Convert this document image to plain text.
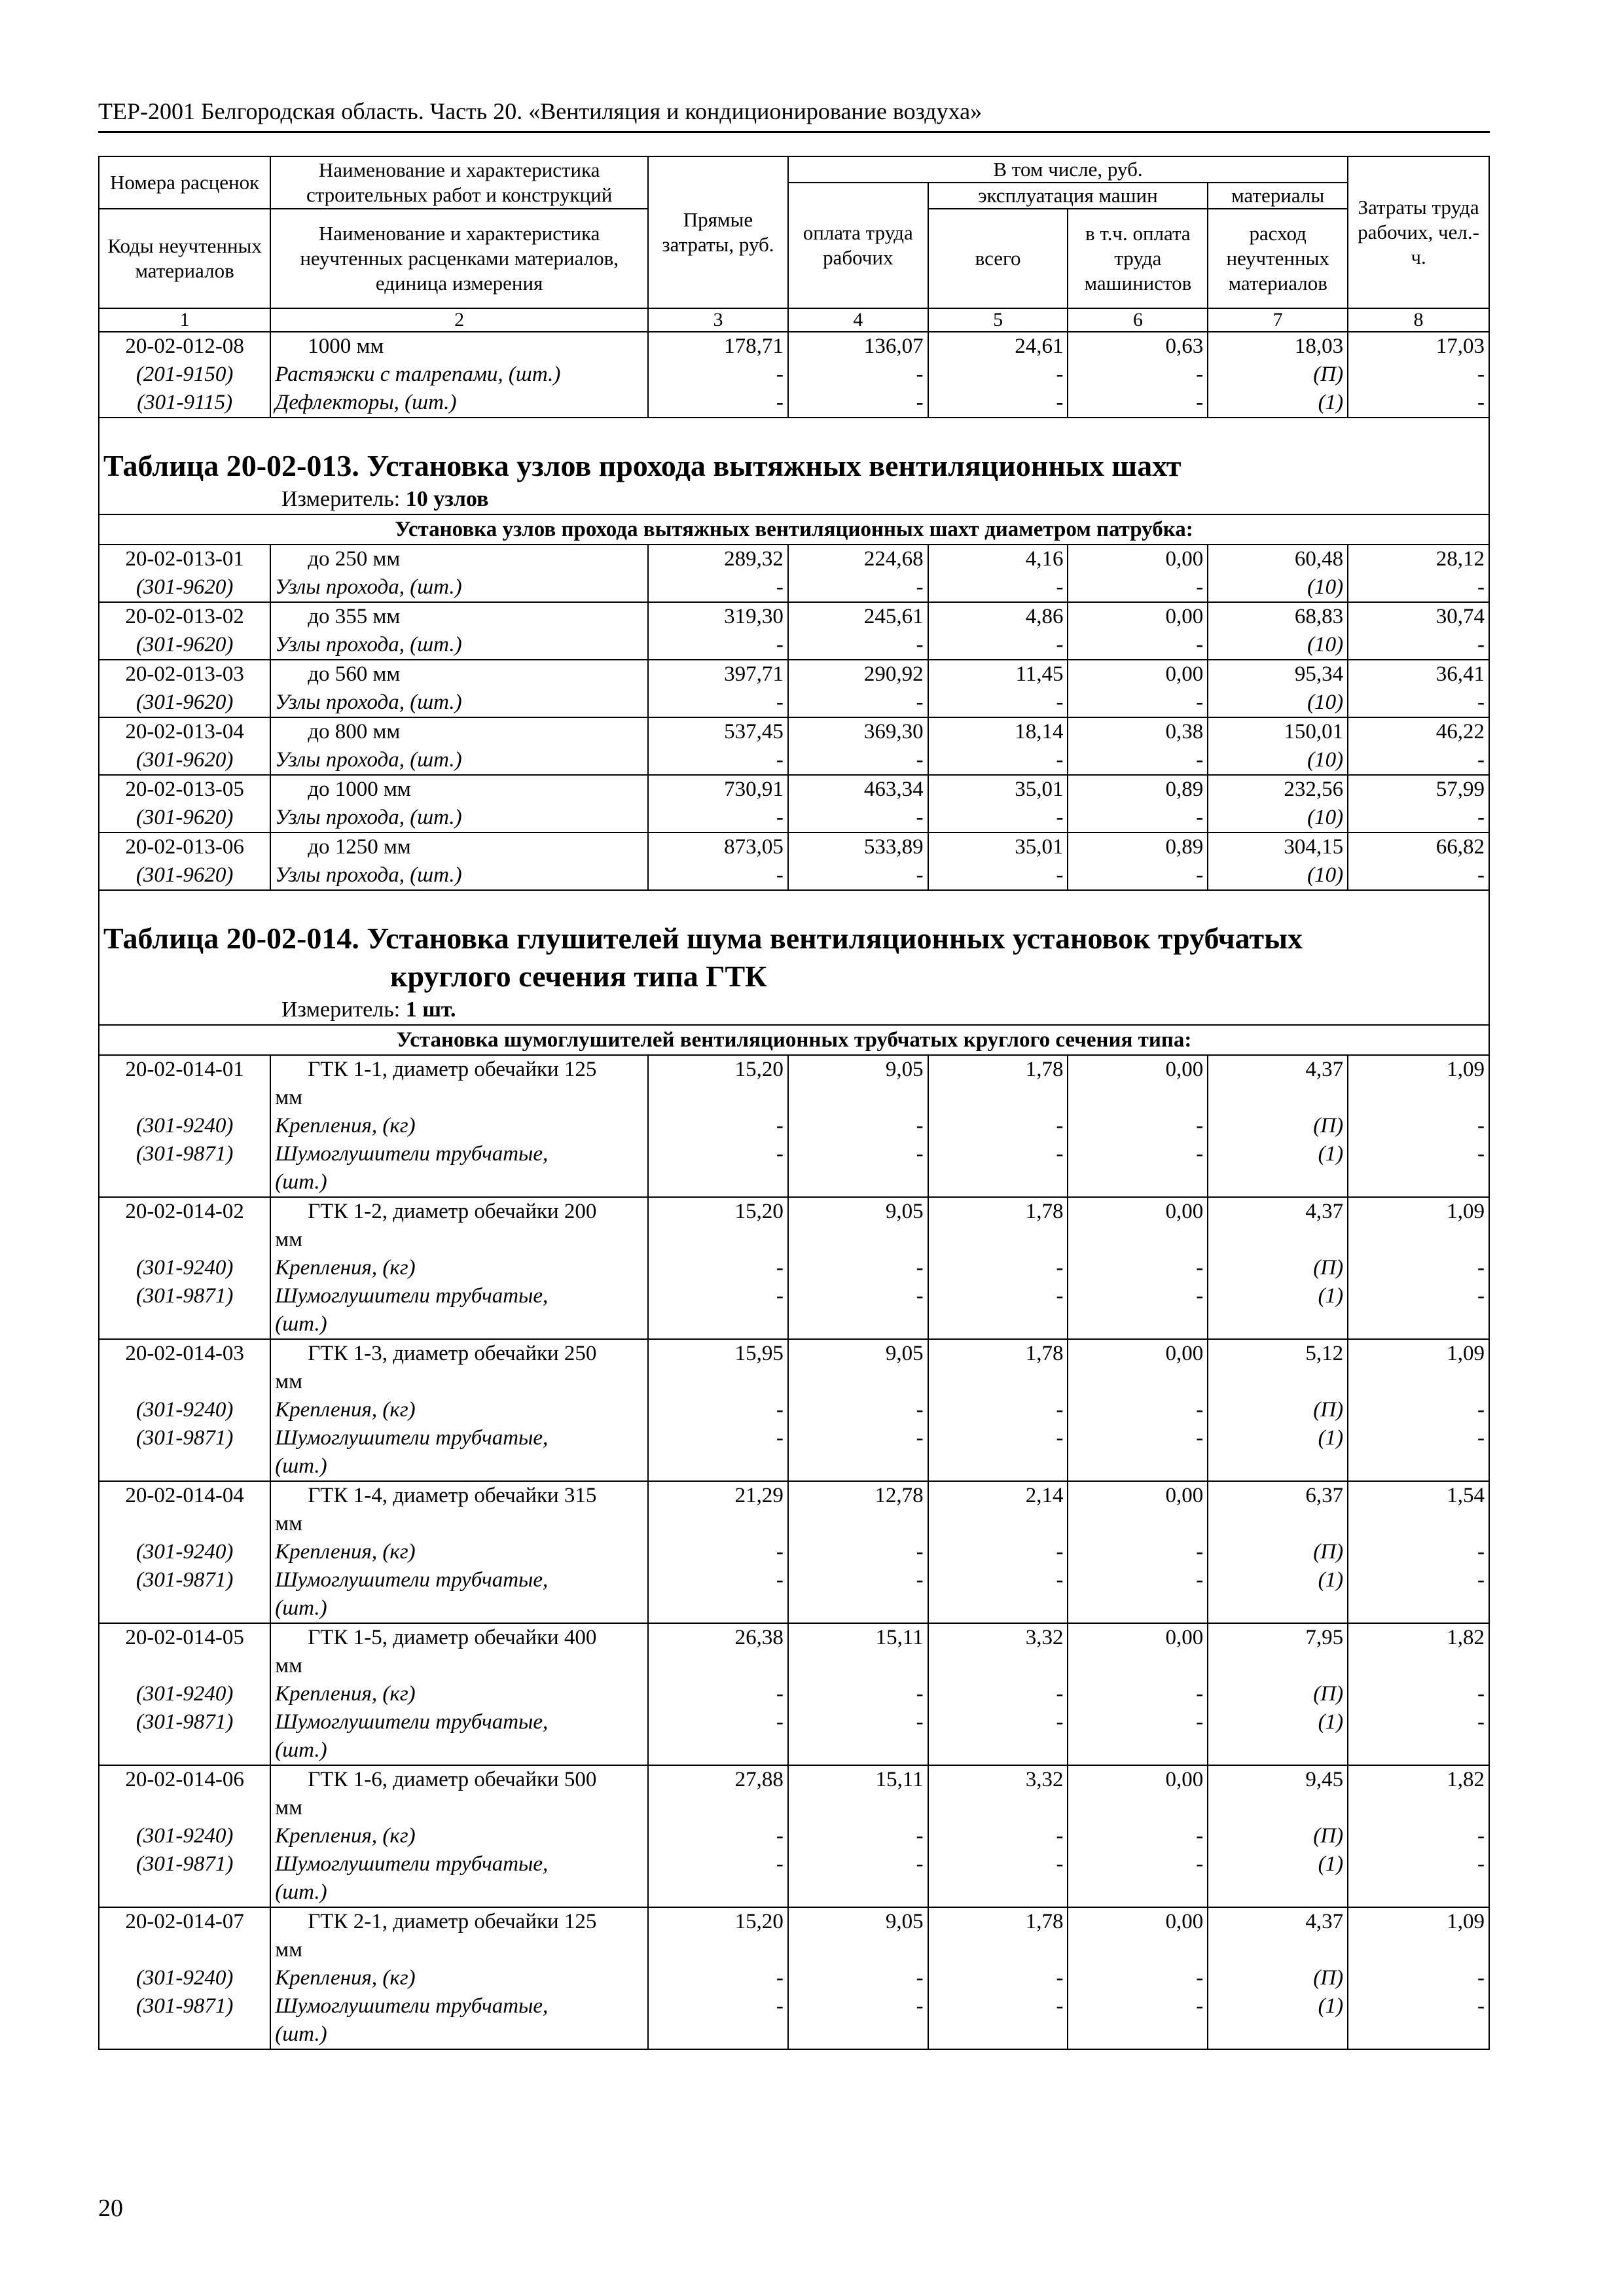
ТЕР-2001 Белгородская область. Часть 20. «Вентиляция и кондиционирование воздуха»
Номера расценок	Наименование и характеристика строительных работ и конструкций	Прямые затраты, руб.	В том числе, руб.				Затраты труда рабочих, чел.-ч.
			оплата труда рабочих	эксплуатация машин		материалы	
Коды неучтенных материалов	Наименование и характеристика неучтенных расценками материалов, единица измерения			всего	в т.ч. оплата труда машинистов	расход неучтенных материалов	

1	2	3	4	5	6	7	8
20-02-012-08	1000 мм	178,71	136,07	24,61	0,63	18,03	17,03
(201-9150)	Растяжки с талрепами, (шт.)	-	-	-	-	(П)	-
(301-9115)	Дефлекторы, (шт.)	-	-	-	-	(1)	-

Таблица 20-02-013. Установка узлов прохода вытяжных вентиляционных шахт							

Измеритель: 10 узлов							
Установка узлов прохода вытяжных вентиляционных шахт диаметром патрубка:							
20-02-013-01	до 250 мм	289,32	224,68	4,16	0,00	60,48	28,12
(301-9620)	Узлы прохода, (шт.)	-	-	-	-	(10)	-
20-02-013-02	до 355 мм	319,30	245,61	4,86	0,00	68,83	30,74
(301-9620)	Узлы прохода, (шт.)	-	-	-	-	(10)	-
20-02-013-03	до 560 мм	397,71	290,92	11,45	0,00	95,34	36,41
(301-9620)	Узлы прохода, (шт.)	-	-	-	-	(10)	-
20-02-013-04	до 800 мм	537,45	369,30	18,14	0,38	150,01	46,22
(301-9620)	Узлы прохода, (шт.)	-	-	-	-	(10)	-
20-02-013-05	до 1000 мм	730,91	463,34	35,01	0,89	232,56	57,99
(301-9620)	Узлы прохода, (шт.)	-	-	-	-	(10)	-
20-02-013-06	до 1250 мм	873,05	533,89	35,01	0,89	304,15	66,82
(301-9620)	Узлы прохода, (шт.)	-	-	-	-	(10)	-

Таблица 20-02-014. Установка глушителей шума вентиляционных установок трубчатых
круглого сечения типа ГТК							

Измеритель: 1 шт.							
Установка шумоглушителей вентиляционных трубчатых круглого сечения типа:							
20-02-014-01	ГТК 1-1, диаметр обечайки 125	15,20	9,05	1,78	0,00	4,37	1,09
	мм						
(301-9240)	Крепления, (кг)	-	-	-	-	(П)	-
(301-9871)	Шумоглушители трубчатые,	-	-	-	-	(1)	-
	(шт.)						
20-02-014-02	ГТК 1-2, диаметр обечайки 200	15,20	9,05	1,78	0,00	4,37	1,09
	мм						
(301-9240)	Крепления, (кг)	-	-	-	-	(П)	-
(301-9871)	Шумоглушители трубчатые,	-	-	-	-	(1)	-
	(шт.)						
20-02-014-03	ГТК 1-3, диаметр обечайки 250	15,95	9,05	1,78	0,00	5,12	1,09
	мм						
(301-9240)	Крепления, (кг)	-	-	-	-	(П)	-
(301-9871)	Шумоглушители трубчатые,	-	-	-	-	(1)	-
	(шт.)						
20-02-014-04	ГТК 1-4, диаметр обечайки 315	21,29	12,78	2,14	0,00	6,37	1,54
	мм						
(301-9240)	Крепления, (кг)	-	-	-	-	(П)	-
(301-9871)	Шумоглушители трубчатые,	-	-	-	-	(1)	-
	(шт.)						
20-02-014-05	ГТК 1-5, диаметр обечайки 400	26,38	15,11	3,32	0,00	7,95	1,82
	мм						
(301-9240)	Крепления, (кг)	-	-	-	-	(П)	-
(301-9871)	Шумоглушители трубчатые,	-	-	-	-	(1)	-
	(шт.)						
20-02-014-06	ГТК 1-6, диаметр обечайки 500	27,88	15,11	3,32	0,00	9,45	1,82
	мм						
(301-9240)	Крепления, (кг)	-	-	-	-	(П)	-
(301-9871)	Шумоглушители трубчатые,	-	-	-	-	(1)	-
	(шт.)						
20-02-014-07	ГТК 2-1, диаметр обечайки 125	15,20	9,05	1,78	0,00	4,37	1,09
	мм						
(301-9240)	Крепления, (кг)	-	-	-	-	(П)	-
(301-9871)	Шумоглушители трубчатые,	-	-	-	-	(1)	-
	(шт.)						
20
